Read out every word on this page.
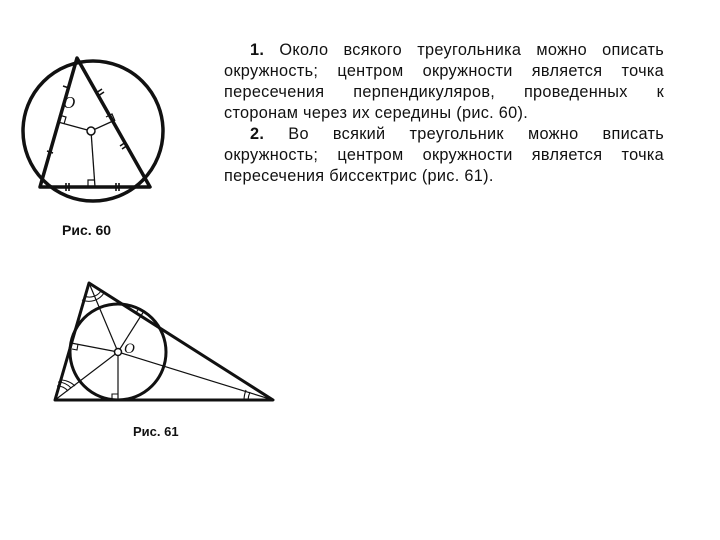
1. Около всякого треугольника можно описать окружность; центром окружности является точка пересечения перпендикуляров, проведенных к сторонам через их середины (рис. 60).

2. Во всякий треугольник можно вписать окружность; центром окружности является точка пересечения биссектрис (рис. 61).

O
O
Рис. 60
Рис. 61
